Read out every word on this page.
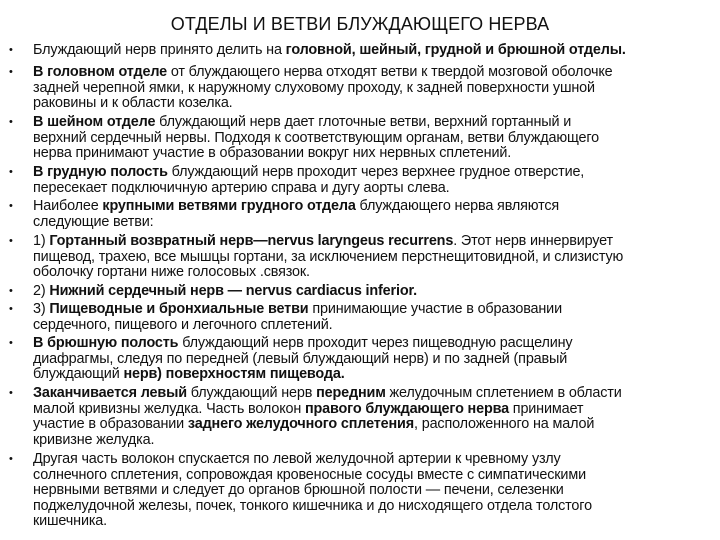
ОТДЕЛЫ И ВЕТВИ БЛУЖДАЮЩЕГО НЕРВА
• Блуждающий нерв принято делить на головной, шейный, грудной и брюшной отделы.
• В головном отделе от блуждающего нерва отходят ветви к твердой мозговой оболочке
задней черепной ямки, к наружному слуховому проходу, к задней поверхности ушной
раковины и к области козелка.
• В шейном отделе блуждающий нерв дает глоточные ветви, верхний гортанный и
верхний сердечный нервы. Подходя к соответствующим органам, ветви блуждающего
нерва принимают участие в образовании вокруг них нервных сплетений.
• В грудную полость блуждающий нерв проходит через верхнее грудное отверстие,
пересекает подключичную артерию справа и дугу аорты слева.
• Наиболее крупными ветвями грудного отдела блуждающего нерва являются
следующие ветви:
• 1) Гортанный возвратный нерв—nervus laryngeus recurrens. Этот нерв иннервирует
пищевод, трахею, все мышцы гортани, за исключением перстнещитовидной, и слизистую
оболочку гортани ниже голосовых .связок.
• 2) Нижний сердечный нерв — nervus cardiacus inferior.
• 3) Пищеводные и бронхиальные ветви принимающие участие в образовании
сердечного, пищевого и легочного сплетений.
• В брюшную полость блуждающий нерв проходит через пищеводную расщелину
диафрагмы, следуя по передней (левый блуждающий нерв) и по задней (правый
блуждающий нерв) поверхностям пищевода.
• Заканчивается левый блуждающий нерв передним желудочным сплетением в области
малой кривизны желудка. Часть волокон правого блуждающего нерва принимает
участие в образовании заднего желудочного сплетения, расположенного на малой
кривизне желудка.
• Другая часть волокон спускается по левой желудочной артерии к чревному узлу
солнечного сплетения, сопровождая кровеносные сосуды вместе с симпатическими
нервными ветвями и следует до органов брюшной полости — печени, селезенки
поджелудочной железы, почек, тонкого кишечника и до нисходящего отдела толстого
кишечника.
